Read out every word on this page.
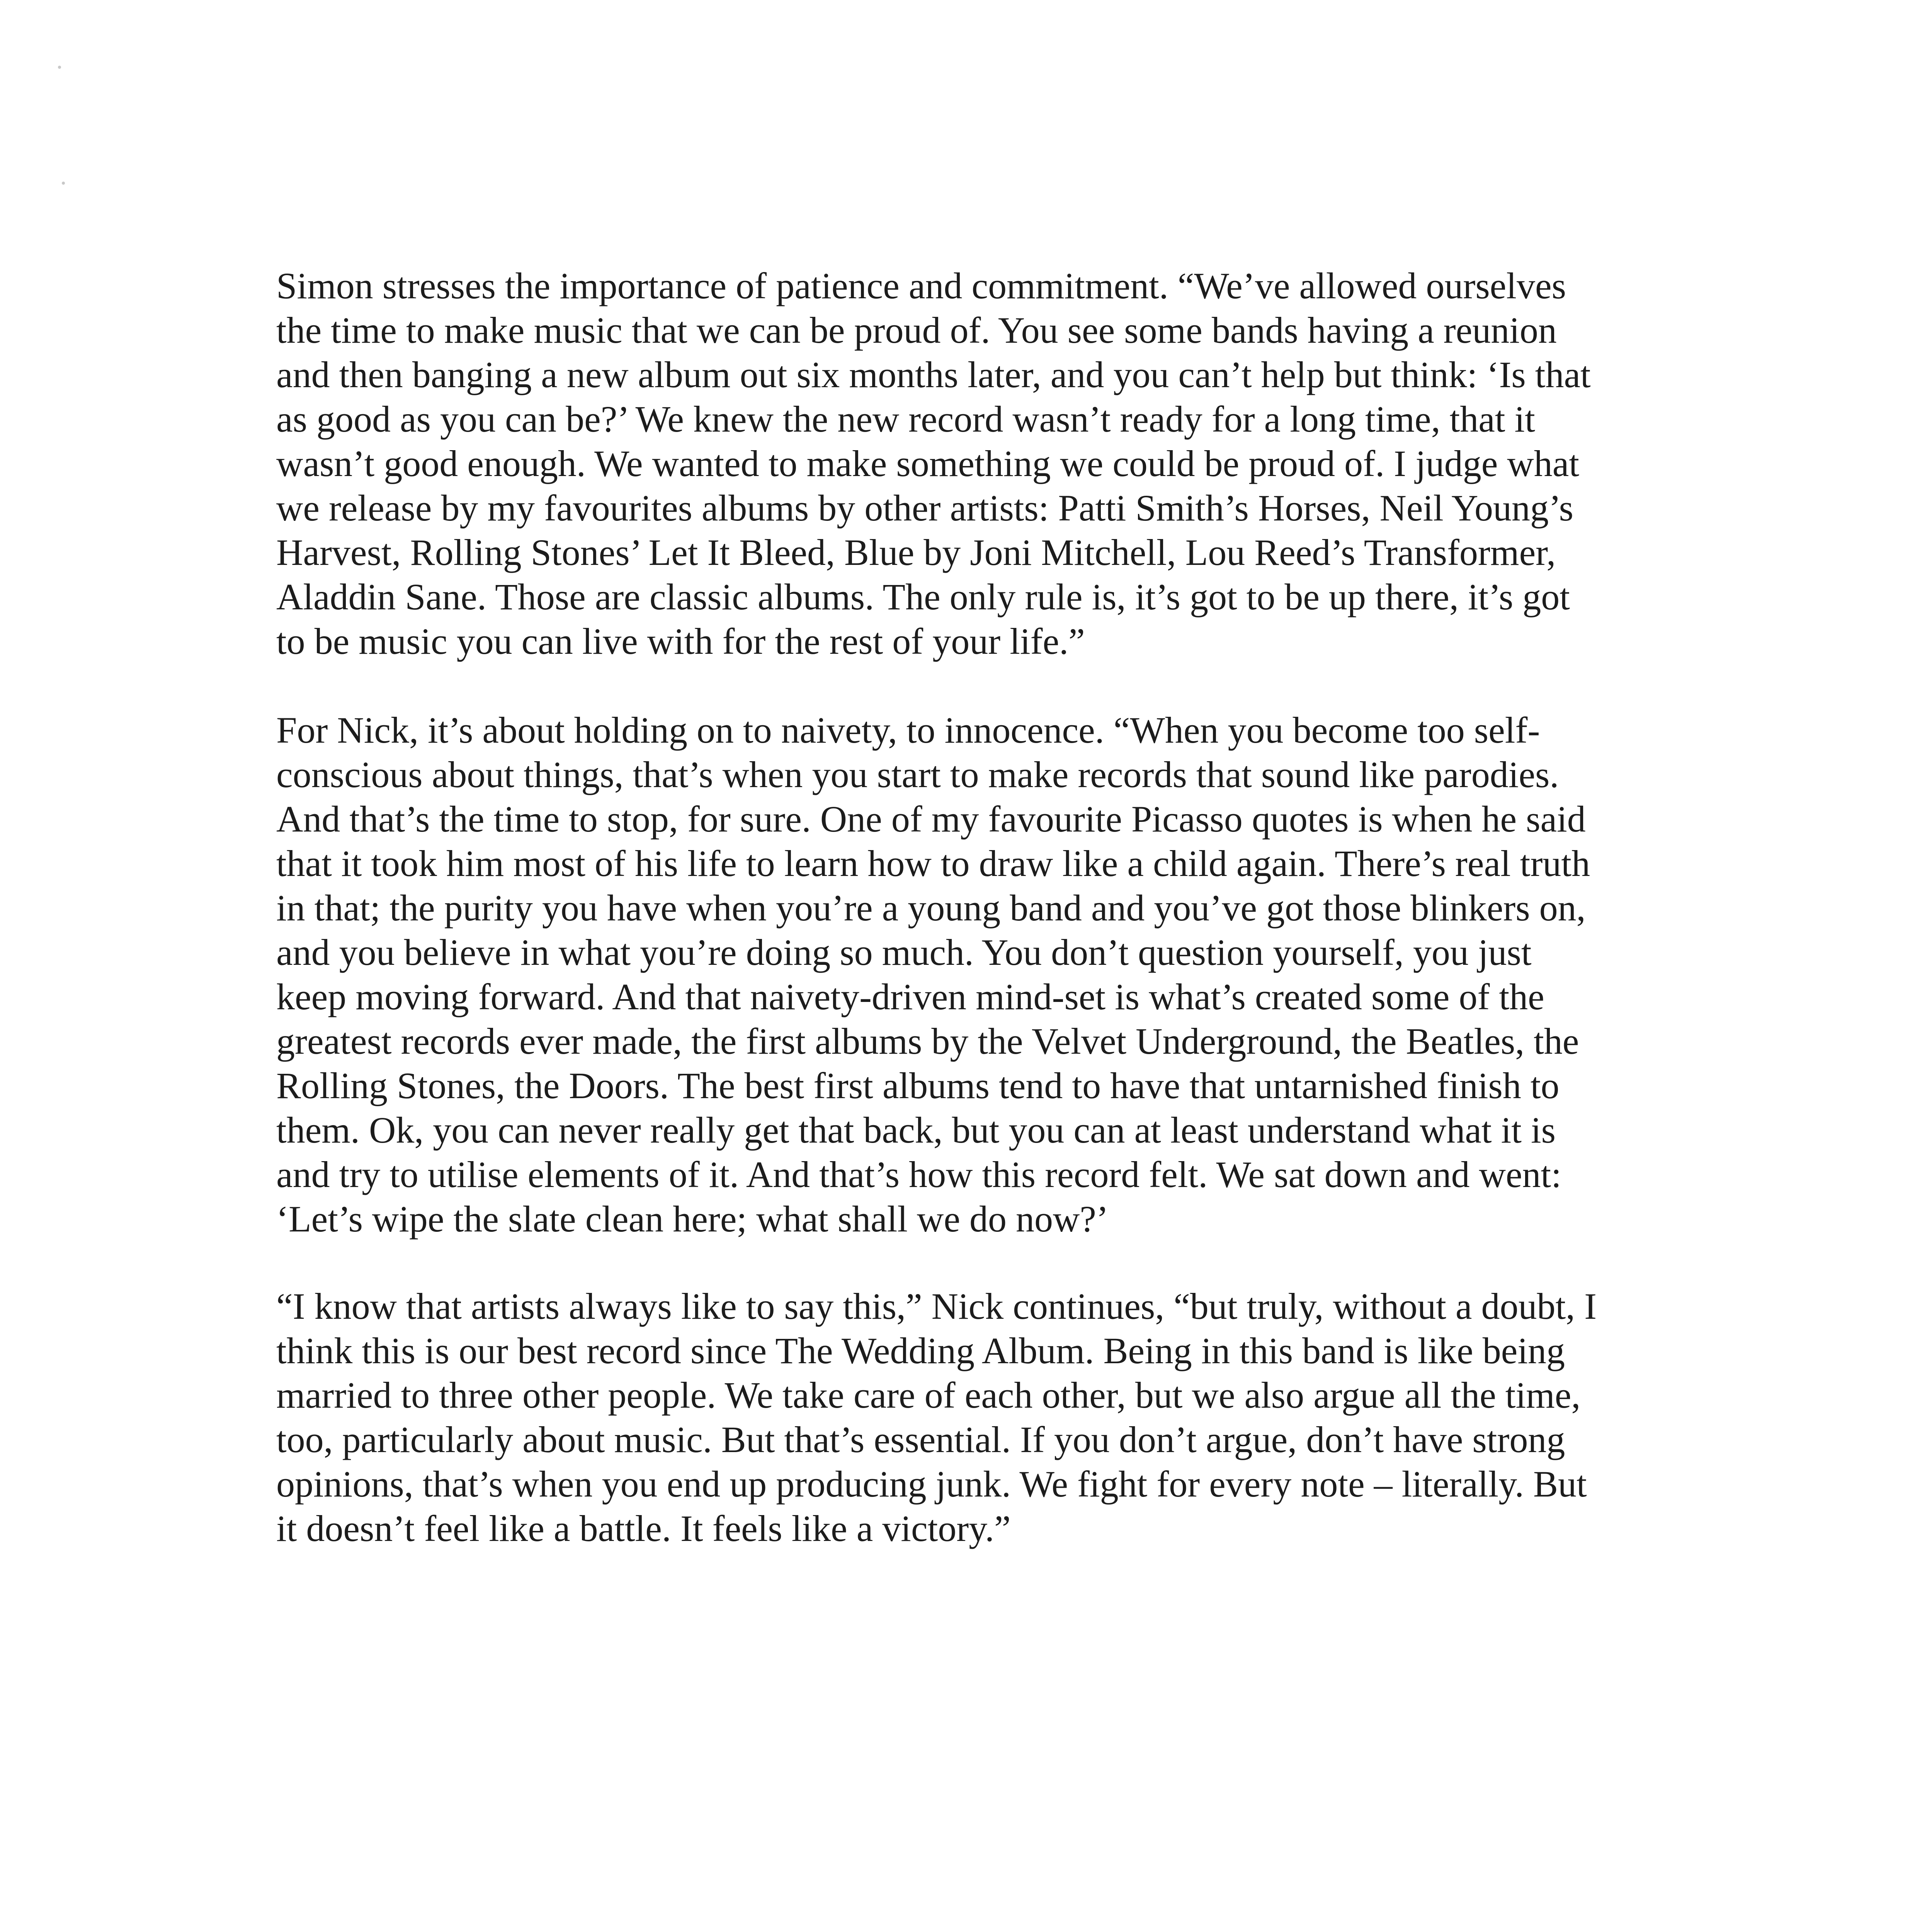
Simon stresses the importance of patience and commitment. “We’ve allowed ourselves
the time to make music that we can be proud of. You see some bands having a reunion
and then banging a new album out six months later, and you can’t help but think: ‘Is that
as good as you can be?’ We knew the new record wasn’t ready for a long time, that it
wasn’t good enough. We wanted to make something we could be proud of. I judge what
we release by my favourites albums by other artists: Patti Smith’s Horses, Neil Young’s
Harvest, Rolling Stones’ Let It Bleed, Blue by Joni Mitchell, Lou Reed’s Transformer,
Aladdin Sane. Those are classic albums. The only rule is, it’s got to be up there, it’s got
to be music you can live with for the rest of your life.”

For Nick, it’s about holding on to naivety, to innocence. “When you become too self-
conscious about things, that’s when you start to make records that sound like parodies.
And that’s the time to stop, for sure. One of my favourite Picasso quotes is when he said
that it took him most of his life to learn how to draw like a child again. There’s real truth
in that; the purity you have when you’re a young band and you’ve got those blinkers on,
and you believe in what you’re doing so much. You don’t question yourself, you just
keep moving forward. And that naivety-driven mind-set is what’s created some of the
greatest records ever made, the first albums by the Velvet Underground, the Beatles, the
Rolling Stones, the Doors. The best first albums tend to have that untarnished finish to
them. Ok, you can never really get that back, but you can at least understand what it is
and try to utilise elements of it. And that’s how this record felt. We sat down and went:
‘Let’s wipe the slate clean here; what shall we do now?’

“I know that artists always like to say this,” Nick continues, “but truly, without a doubt, I
think this is our best record since The Wedding Album. Being in this band is like being
married to three other people. We take care of each other, but we also argue all the time,
too, particularly about music. But that’s essential. If you don’t argue, don’t have strong
opinions, that’s when you end up producing junk. We fight for every note – literally. But
it doesn’t feel like a battle. It feels like a victory.”
